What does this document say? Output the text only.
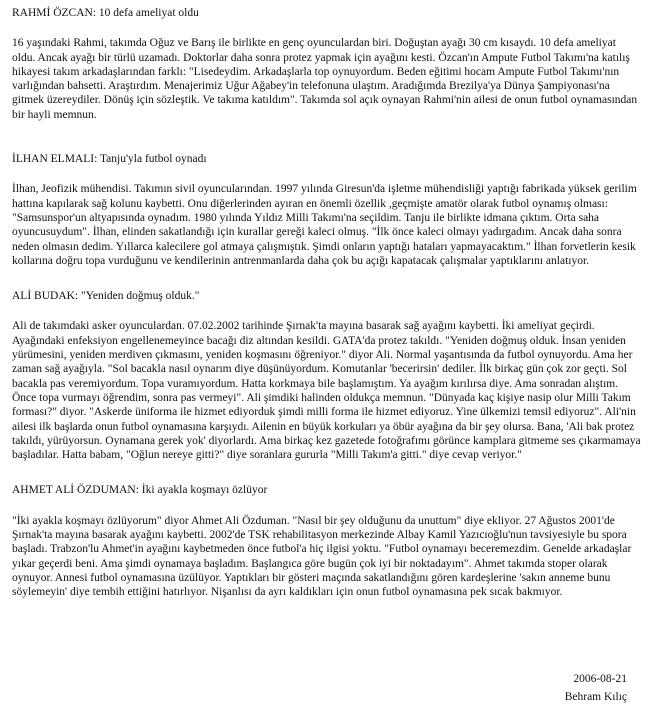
RAHMİ ÖZCAN: 10 defa ameliyat oldu

16 yaşındaki Rahmi, takımda Oğuz ve Barış ile birlikte en genç oyunculardan biri. Doğuştan ayağı 30 cm kısaydı. 10 defa ameliyat oldu. Ancak ayağı bir türlü uzamadı. Doktorlar daha sonra protez yapmak için ayağını kesti. Özcan'ın Ampute Futbol Takımı'na katılış hikayesi takım arkadaşlarından farklı: "Lisedeydim. Arkadaşlarla top oynuyordum. Beden eğitimi hocam Ampute Futbol Takımı'nın varlığından bahsetti. Araştırdım. Menajerimiz Uğur Ağabey'in telefonuna ulaştım. Aradığımda Brezilya'ya Dünya Şampiyonası'na gitmek üzereydiler. Dönüş için sözleştik. Ve takıma katıldım". Takımda sol açık oynayan Rahmi'nin ailesi de onun futbol oynamasından bir hayli memnun.

İLHAN ELMALI: Tanju'yla futbol oynadı

İlhan, Jeofizik mühendisi. Takımın sivil oyuncularından. 1997 yılında Giresun'da işletme mühendisliği yaptığı fabrikada yüksek gerilim hattına kapılarak sağ kolunu kaybetti. Onu diğerlerinden ayıran en önemli özellik ,geçmişte amatör olarak futbol oynamış olması: "Samsunspor'un altyapısında oynadım. 1980 yılında Yıldız Milli Takımı'na seçildim. Tanju ile birlikte idmana çıktım. Orta saha oyuncusuydum". İlhan, elinden sakatlandığı için kurallar gereği kaleci olmuş. "İlk önce kaleci olmayı yadırgadım. Ancak daha sonra neden olmasın dedim. Yıllarca kalecilere gol atmaya çalışmıştık. Şimdi onların yaptığı hataları yapmayacaktım." İlhan forvetlerin kesik kollarına doğru topa vurduğunu ve kendilerinin antrenmanlarda daha çok bu açığı kapatacak çalışmalar yaptıklarını anlatıyor.

ALİ BUDAK: "Yeniden doğmuş olduk."

Ali de takımdaki asker oyunculardan. 07.02.2002 tarihinde Şırnak'ta mayına basarak sağ ayağını kaybetti. İki ameliyat geçirdi. Ayağındaki enfeksiyon engellenemeyince bacağı diz altından kesildi. GATA'da protez takıldı. "Yeniden doğmuş olduk. İnsan yeniden yürümesini, yeniden merdiven çıkmasını, yeniden koşmasını öğreniyor." diyor Ali. Normal yaşantısında da futbol oynuyordu. Ama her zaman sağ ayağıyla. "Sol bacakla nasıl oynarım diye düşünüyordum. Komutanlar 'becerirsin' dediler. İlk birkaç gün çok zor geçti. Sol bacakla pas veremiyordum. Topa vuramıyordum. Hatta korkmaya bile başlamıştım. Ya ayağım kırılırsa diye. Ama sonradan alıştım. Önce topa vurmayı öğrendim, sonra pas vermeyi". Ali şimdiki halinden oldukça memnun. "Dünyada kaç kişiye nasip olur Milli Takım forması?" diyor. "Askerde üniforma ile hizmet ediyorduk şimdi milli forma ile hizmet ediyoruz. Yine ülkemizi temsil ediyoruz". Ali'nin ailesi ilk başlarda onun futbol oynamasına karşıydı. Ailenin en büyük korkuları ya öbür ayağına da bir şey olursa. Bana, 'Ali bak protez takıldı, yürüyorsun. Oynamana gerek yok' diyorlardı. Ama birkaç kez gazetede fotoğrafımı görünce kamplara gitmeme ses çıkarmamaya başladılar. Hatta babam, "Oğlun nereye gitti?" diye soranlara gururla "Milli Takım'a gitti." diye cevap veriyor."

AHMET ALİ ÖZDUMAN: İki ayakla koşmayı özlüyor

"İki ayakla koşmayı özlüyorum" diyor Ahmet Ali Özduman. "Nasıl bir şey olduğunu da unuttum" diye ekliyor. 27 Ağustos 2001'de Şırnak'ta mayına basarak ayağını kaybetti. 2002'de TSK rehabilitasyon merkezinde Albay Kamil Yazıcıoğlu'nun tavsiyesiyle bu spora başladı. Trabzon'lu Ahmet'in ayağını kaybetmeden önce futbol'a hiç ilgisi yoktu. "Futbol oynamayı beceremezdim. Genelde arkadaşlar yıkar geçerdi beni. Ama şimdi oynamaya başladım. Başlangıca göre bugün çok iyi bir noktadayım". Ahmet takımda stoper olarak oynuyor. Annesi futbol oynamasına üzülüyor. Yaptıkları bir gösteri maçında sakatlandığını gören kardeşlerine 'sakın anneme bunu söylemeyin' diye tembih ettiğini hatırlıyor. Nişanlısı da ayrı kaldıkları için onun futbol oynamasına pek sıcak bakmıyor.

2006-08-21
Behram Kılıç
